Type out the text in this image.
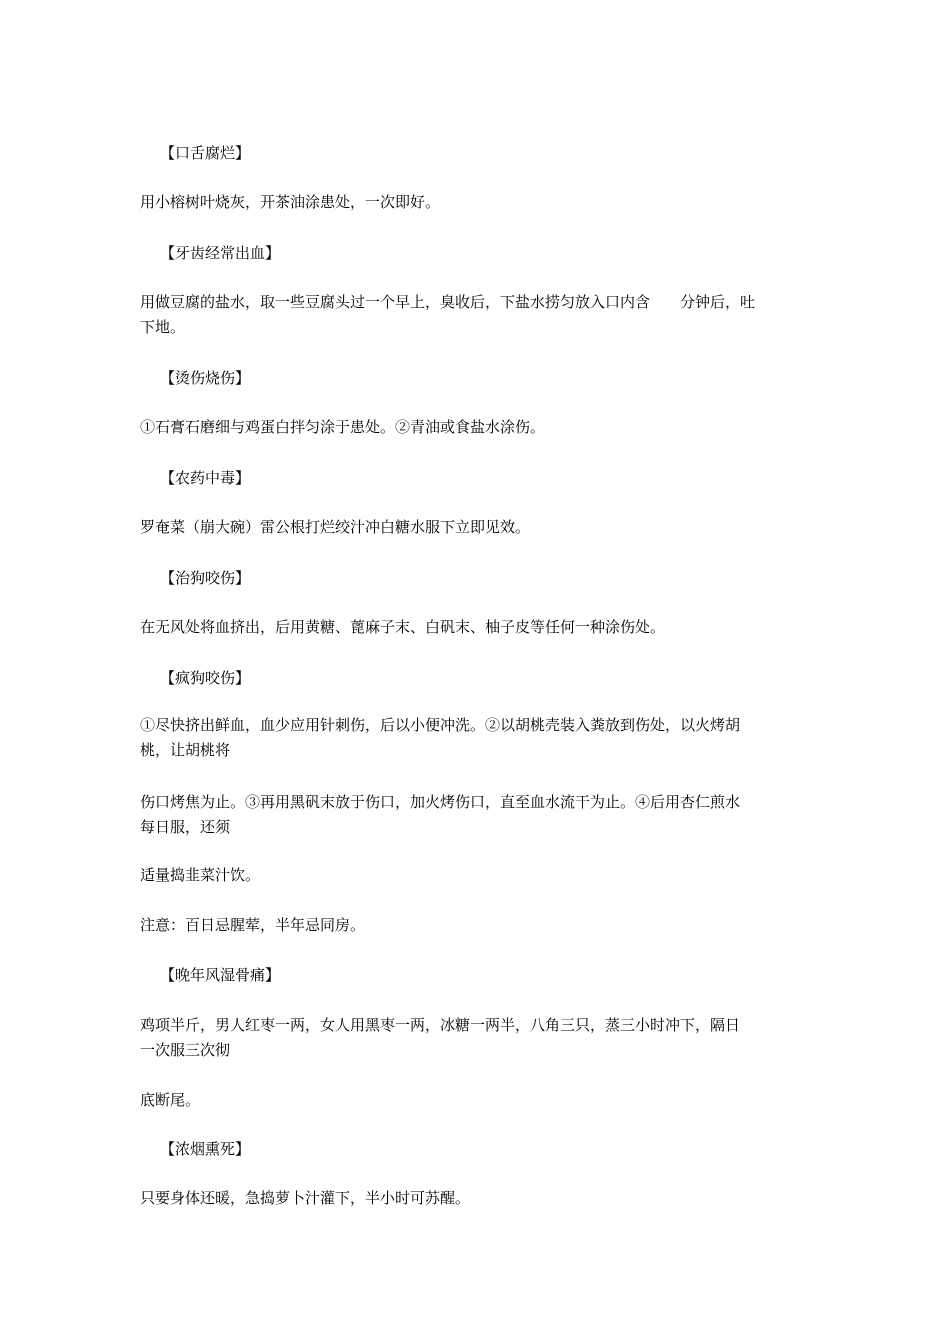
【口舌腐烂】
用小榕树叶烧灰，开茶油涂患处，一次即好。
【牙齿经常出血】
用做豆腐的盐水，取一些豆腐头过一个早上，臭收后，下盐水捞匀放入口内含 分钟后，吐
下地。
【烫伤烧伤】
①石膏石磨细与鸡蛋白拌匀涂于患处。②青油或食盐水涂伤。
【农药中毒】
罗奄菜（崩大碗）雷公根打烂绞汁冲白糖水服下立即见效。
【治狗咬伤】
在无风处将血挤出，后用黄糖、蓖麻子末、白矾末、柚子皮等任何一种涂伤处。
【疯狗咬伤】
①尽快挤出鲜血，血少应用针刺伤，后以小便冲洗。②以胡桃壳装入粪放到伤处，以火烤胡
桃，让胡桃将
伤口烤焦为止。③再用黑矾末放于伤口，加火烤伤口，直至血水流干为止。④后用杏仁煎水
每日服，还须
适量捣韭菜汁饮。
注意：百日忌腥荤，半年忌同房。
【晚年风湿骨痛】
鸡项半斤，男人红枣一两，女人用黑枣一两，冰糖一两半，八角三只，蒸三小时冲下，隔日
一次服三次彻
底断尾。
【浓烟熏死】
只要身体还暖，急捣萝卜汁灌下，半小时可苏醒。
